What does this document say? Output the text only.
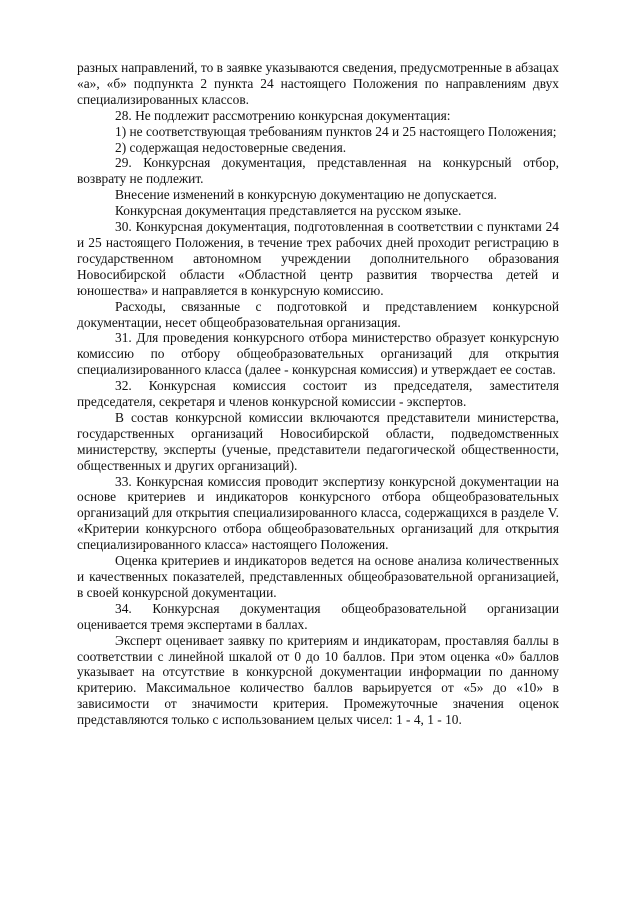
разных направлений, то в заявке указываются сведения, предусмотренные в абзацах «а», «б» подпункта 2 пункта 24 настоящего Положения по направлениям двух специализированных классов.

28. Не подлежит рассмотрению конкурсная документация:

1) не соответствующая требованиям пунктов 24 и 25 настоящего Положения;

2) содержащая недостоверные сведения.

29. Конкурсная документация, представленная на конкурсный отбор, возврату не подлежит.

Внесение изменений в конкурсную документацию не допускается.

Конкурсная документация представляется на русском языке.

30. Конкурсная документация, подготовленная в соответствии с пунктами 24 и 25 настоящего Положения, в течение трех рабочих дней проходит регистрацию в государственном автономном учреждении дополнительного образования Новосибирской области «Областной центр развития творчества детей и юношества» и направляется в конкурсную комиссию.

Расходы, связанные с подготовкой и представлением конкурсной документации, несет общеобразовательная организация.

31. Для проведения конкурсного отбора министерство образует конкурсную комиссию по отбору общеобразовательных организаций для открытия специализированного класса (далее - конкурсная комиссия) и утверждает ее состав.

32. Конкурсная комиссия состоит из председателя, заместителя председателя, секретаря и членов конкурсной комиссии - экспертов.

В состав конкурсной комиссии включаются представители министерства, государственных организаций Новосибирской области, подведомственных министерству, эксперты (ученые, представители педагогической общественности, общественных и других организаций).

33. Конкурсная комиссия проводит экспертизу конкурсной документации на основе критериев и индикаторов конкурсного отбора общеобразовательных организаций для открытия специализированного класса, содержащихся в разделе V. «Критерии конкурсного отбора общеобразовательных организаций для открытия специализированного класса» настоящего Положения.

Оценка критериев и индикаторов ведется на основе анализа количественных и качественных показателей, представленных общеобразовательной организацией, в своей конкурсной документации.

34. Конкурсная документация общеобразовательной организации оценивается тремя экспертами в баллах.

Эксперт оценивает заявку по критериям и индикаторам, проставляя баллы в соответствии с линейной шкалой от 0 до 10 баллов. При этом оценка «0» баллов указывает на отсутствие в конкурсной документации информации по данному критерию. Максимальное количество баллов варьируется от «5» до «10» в зависимости от значимости критерия. Промежуточные значения оценок представляются только с использованием целых чисел: 1 - 4, 1 - 10.
